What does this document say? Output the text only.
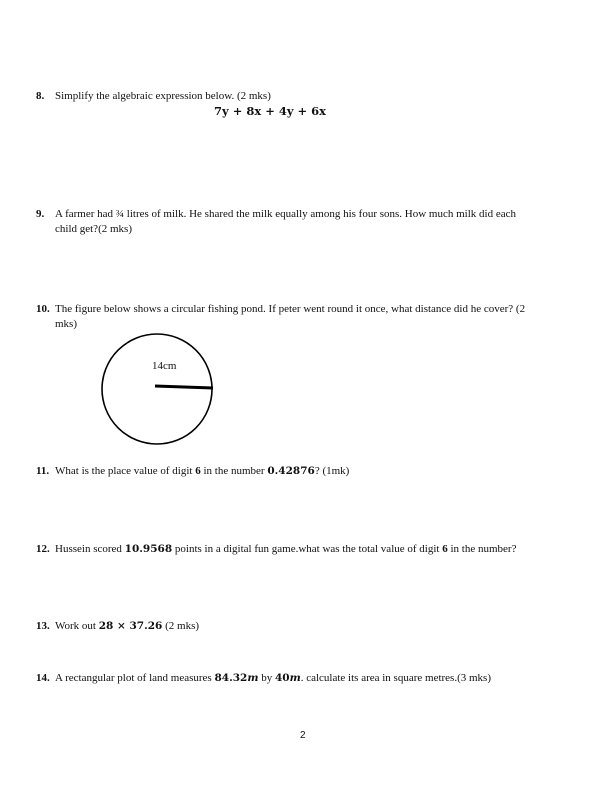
8. Simplify the algebraic expression below. (2 mks)
7y + 8x + 4y + 6x
9. A farmer had ¾ litres of milk. He shared the milk equally among his four sons. How much milk did each
child get?(2 mks)
10. The figure below shows a circular fishing pond. If peter went round it once, what distance did he cover? (2
mks)
14cm
11. What is the place value of digit 6 in the number 0.42876? (1mk)
12. Hussein scored 10.9568 points in a digital fun game.what was the total value of digit 6 in the number?
13. Work out 28 × 37.26 (2 mks)
14. A rectangular plot of land measures 84.32m by 40m. calculate its area in square metres.(3 mks)
2
